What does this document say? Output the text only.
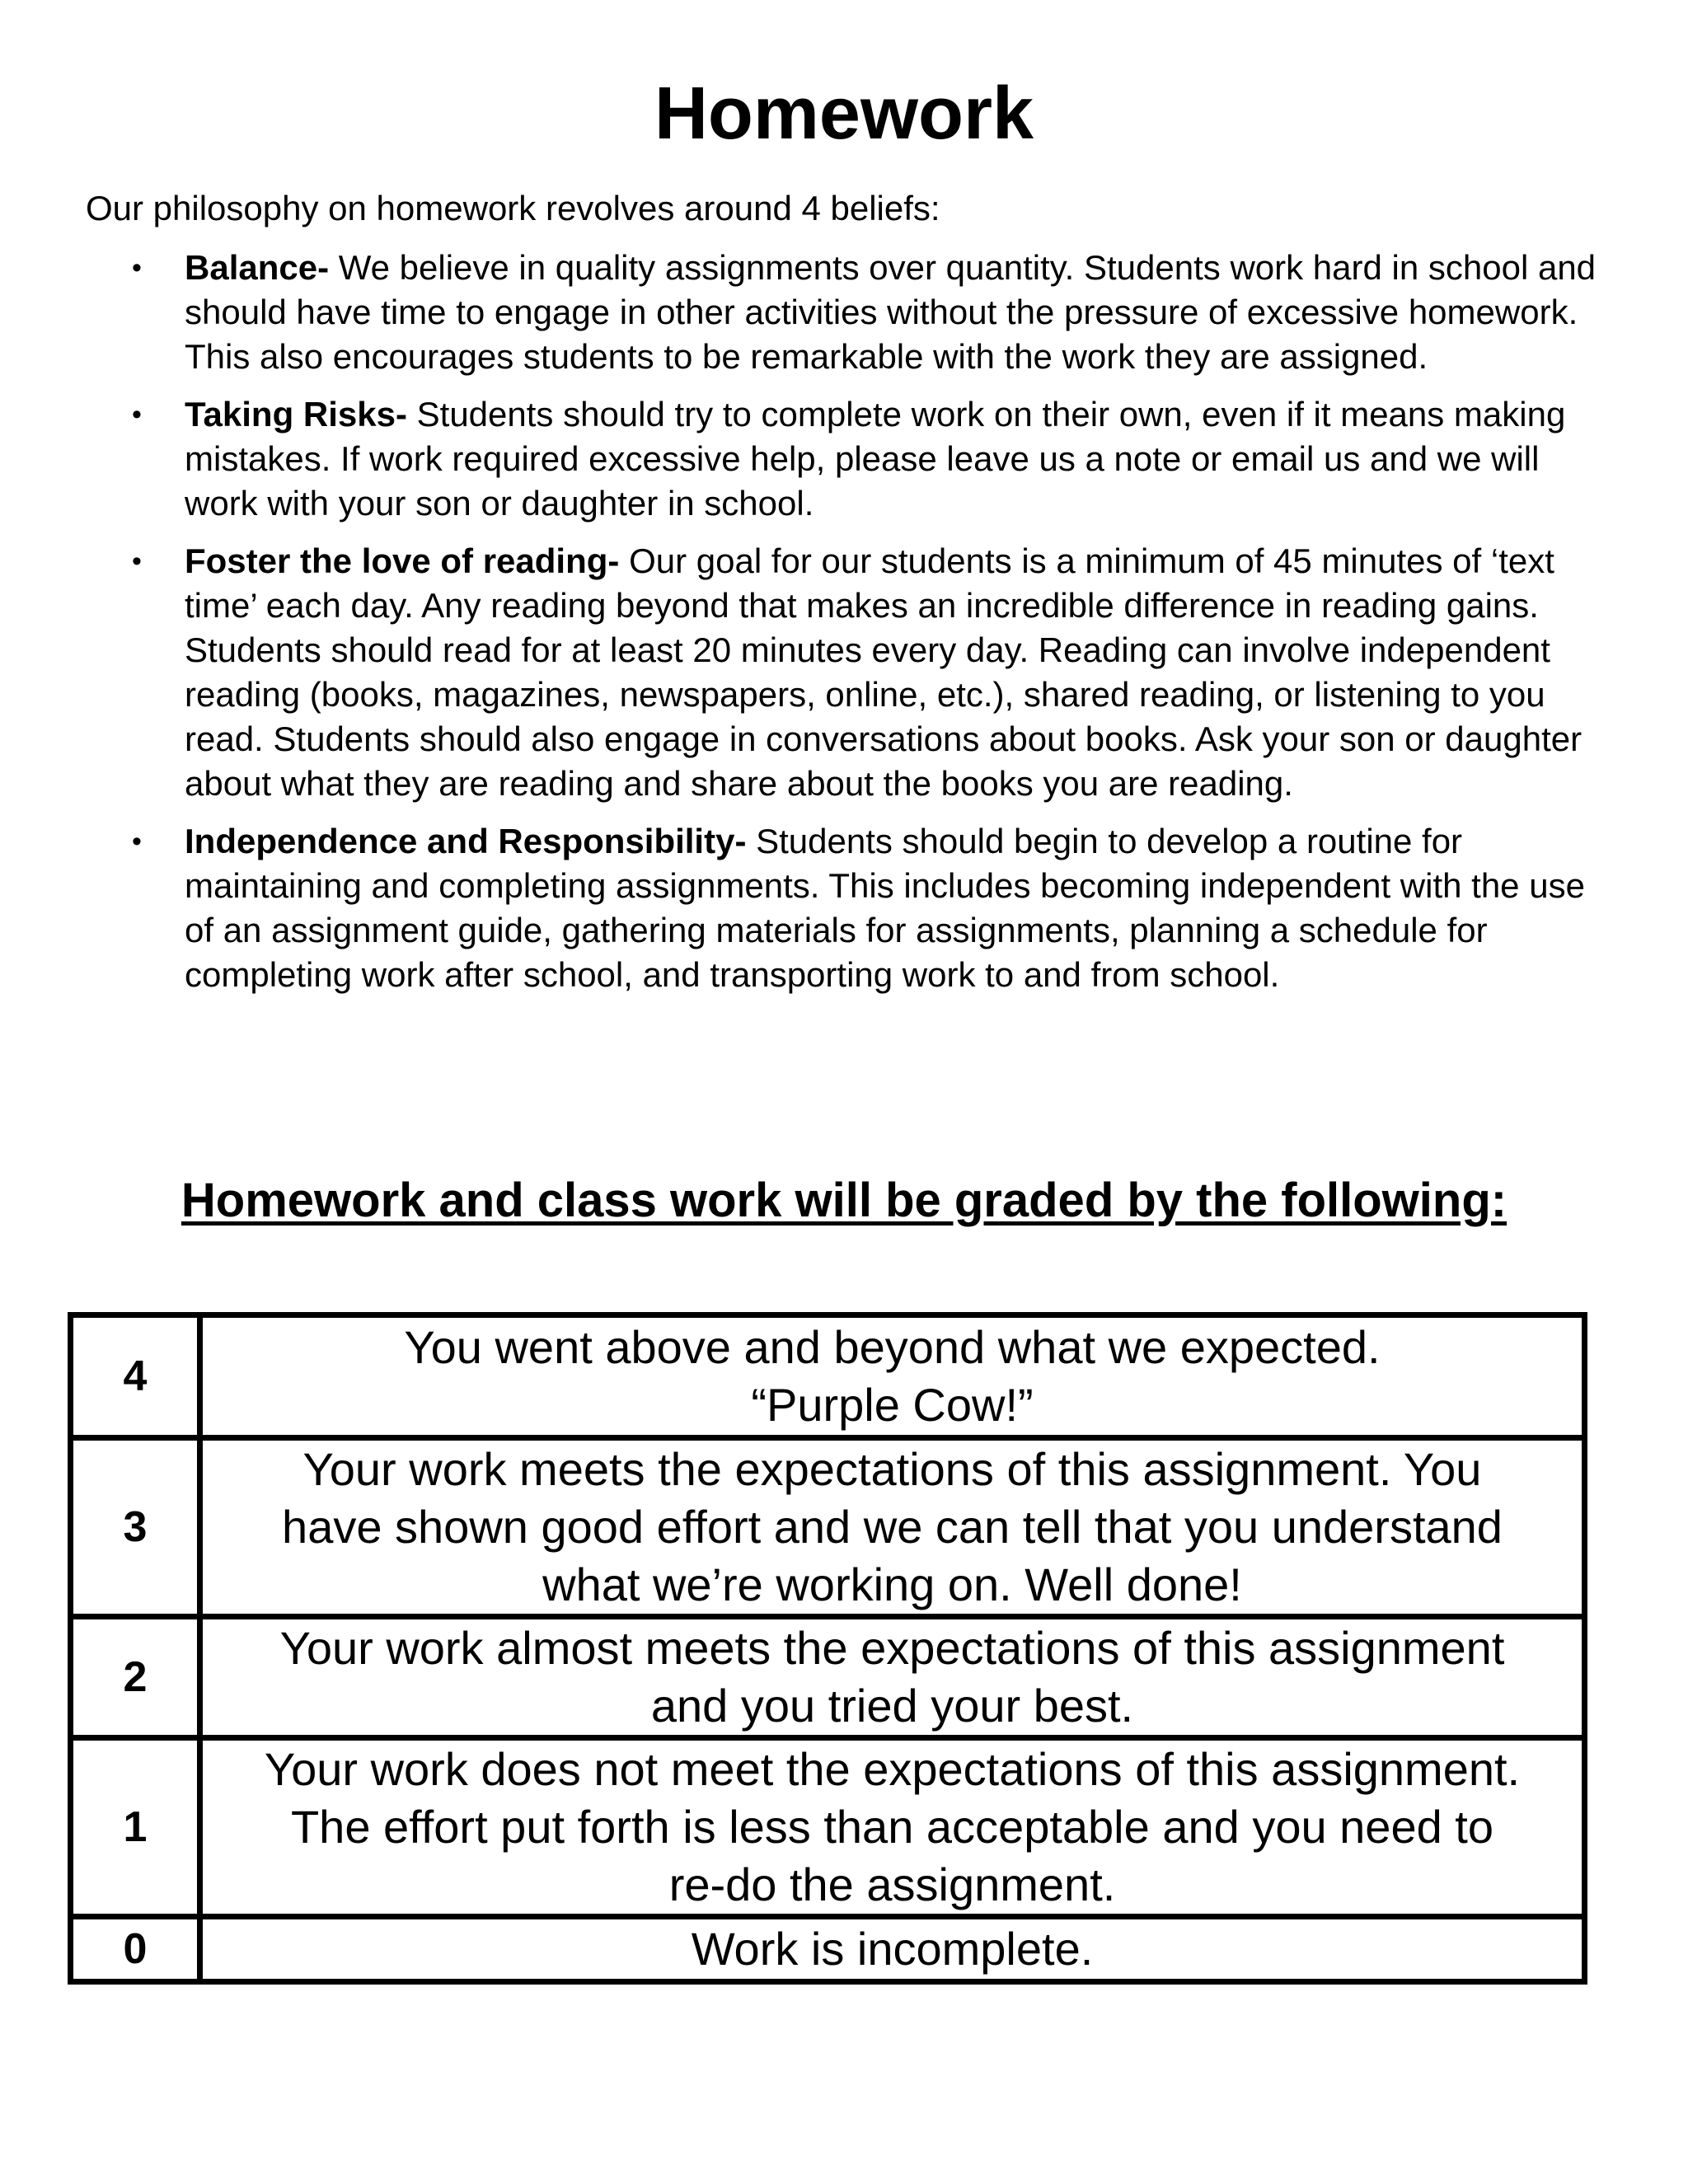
Homework

Our philosophy on homework revolves around 4 beliefs:

• Balance- We believe in quality assignments over quantity. Students work hard in school and should have time to engage in other activities without the pressure of excessive homework. This also encourages students to be remarkable with the work they are assigned.
• Taking Risks- Students should try to complete work on their own, even if it means making mistakes. If work required excessive help, please leave us a note or email us and we will work with your son or daughter in school.
• Foster the love of reading- Our goal for our students is a minimum of 45 minutes of ‘text time’ each day. Any reading beyond that makes an incredible difference in reading gains. Students should read for at least 20 minutes every day. Reading can involve independent reading (books, magazines, newspapers, online, etc.), shared reading, or listening to you read. Students should also engage in conversations about books. Ask your son or daughter about what they are reading and share about the books you are reading.
• Independence and Responsibility- Students should begin to develop a routine for maintaining and completing assignments. This includes becoming independent with the use of an assignment guide, gathering materials for assignments, planning a schedule for completing work after school, and transporting work to and from school.
Homework and class work will be graded by the following:
4	You went above and beyond what we expected.
“Purple Cow!”

3	Your work meets the expectations of this assignment. You
have shown good effort and we can tell that you understand
what we’re working on. Well done!

2	Your work almost meets the expectations of this assignment
and you tried your best.

1	Your work does not meet the expectations of this assignment.
The effort put forth is less than acceptable and you need to
re-do the assignment.

0	Work is incomplete.
